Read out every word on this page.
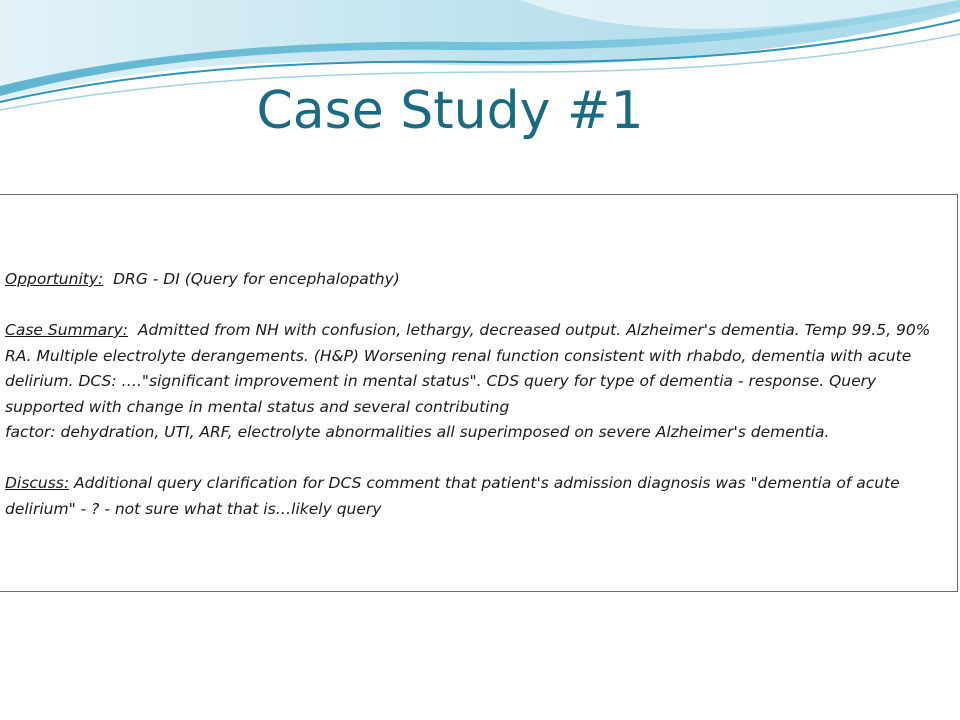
Case Study #1

Opportunity: DRG - DI (Query for encephalopathy)

Case Summary: Admitted from NH with confusion, lethargy, decreased output. Alzheimer's dementia. Temp 99.5, 90% RA. Multiple electrolyte derangements. (H&P) Worsening renal function consistent with rhabdo, dementia with acute delirium. DCS: …."significant improvement in mental status". CDS query for type of dementia - response. Query supported with change in mental status and several contributing

factor: dehydration, UTI, ARF, electrolyte abnormalities all superimposed on severe Alzheimer's dementia.

Discuss: Additional query clarification for DCS comment that patient's admission diagnosis was "dementia of acute delirium" - ? - not sure what that is…likely query
